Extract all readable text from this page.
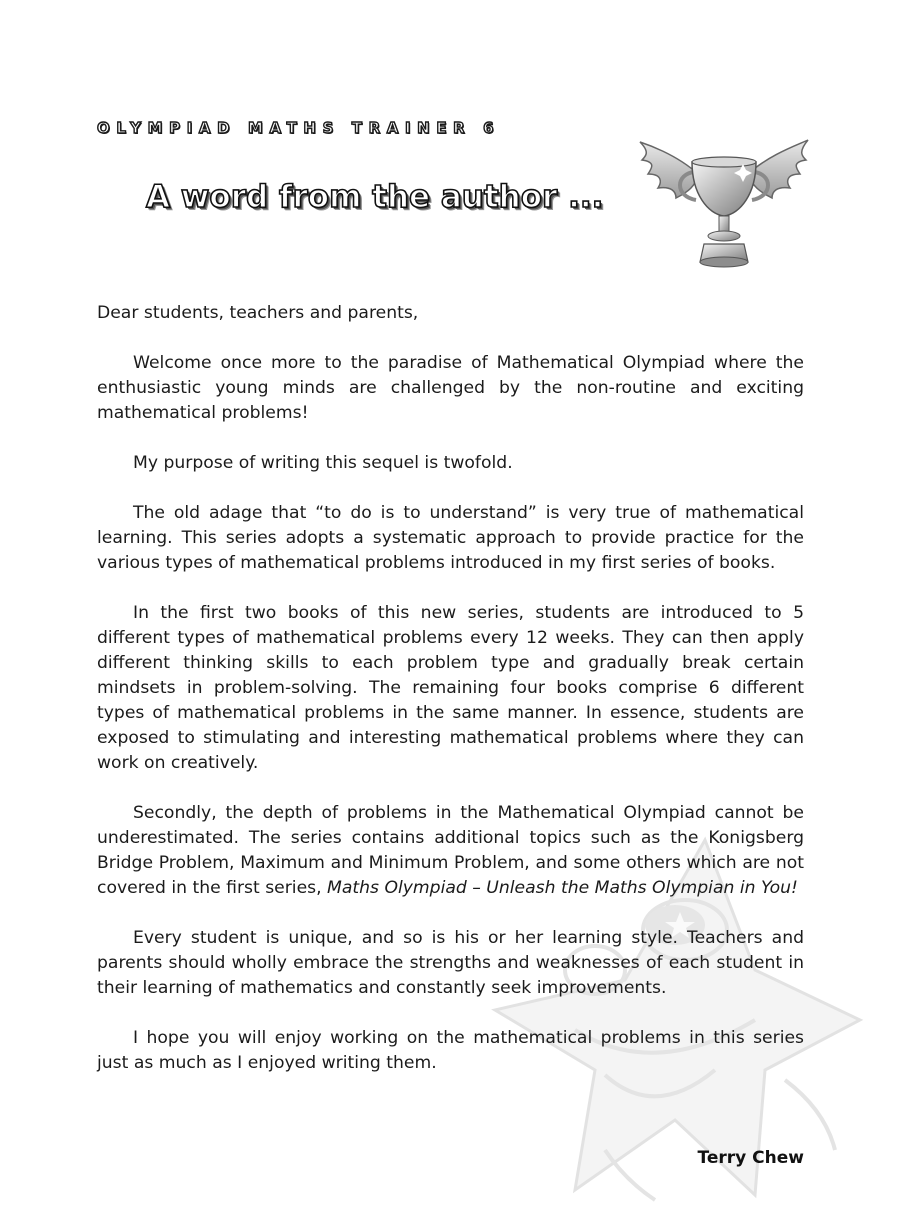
OLYMPIAD MATHS TRAINER 6
A word from the author ...

Dear students, teachers and parents,

Welcome once more to the paradise of Mathematical Olympiad where the enthusiastic young minds are challenged by the non-routine and exciting mathematical problems!

My purpose of writing this sequel is twofold.

The old adage that “to do is to understand” is very true of mathematical learning. This series adopts a systematic approach to provide practice for the various types of mathematical problems introduced in my first series of books.

In the first two books of this new series, students are introduced to 5 different types of mathematical problems every 12 weeks. They can then apply different thinking skills to each problem type and gradually break certain mindsets in problem-solving. The remaining four books comprise 6 different types of mathematical problems in the same manner. In essence, students are exposed to stimulating and interesting mathematical problems where they can work on creatively.

Secondly, the depth of problems in the Mathematical Olympiad cannot be underestimated. The series contains additional topics such as the Konigsberg Bridge Problem, Maximum and Minimum Problem, and some others which are not covered in the first series, Maths Olympiad – Unleash the Maths Olympian in You!

Every student is unique, and so is his or her learning style. Teachers and parents should wholly embrace the strengths and weaknesses of each student in their learning of mathematics and constantly seek improvements.

I hope you will enjoy working on the mathematical problems in this series just as much as I enjoyed writing them.

Terry Chew
